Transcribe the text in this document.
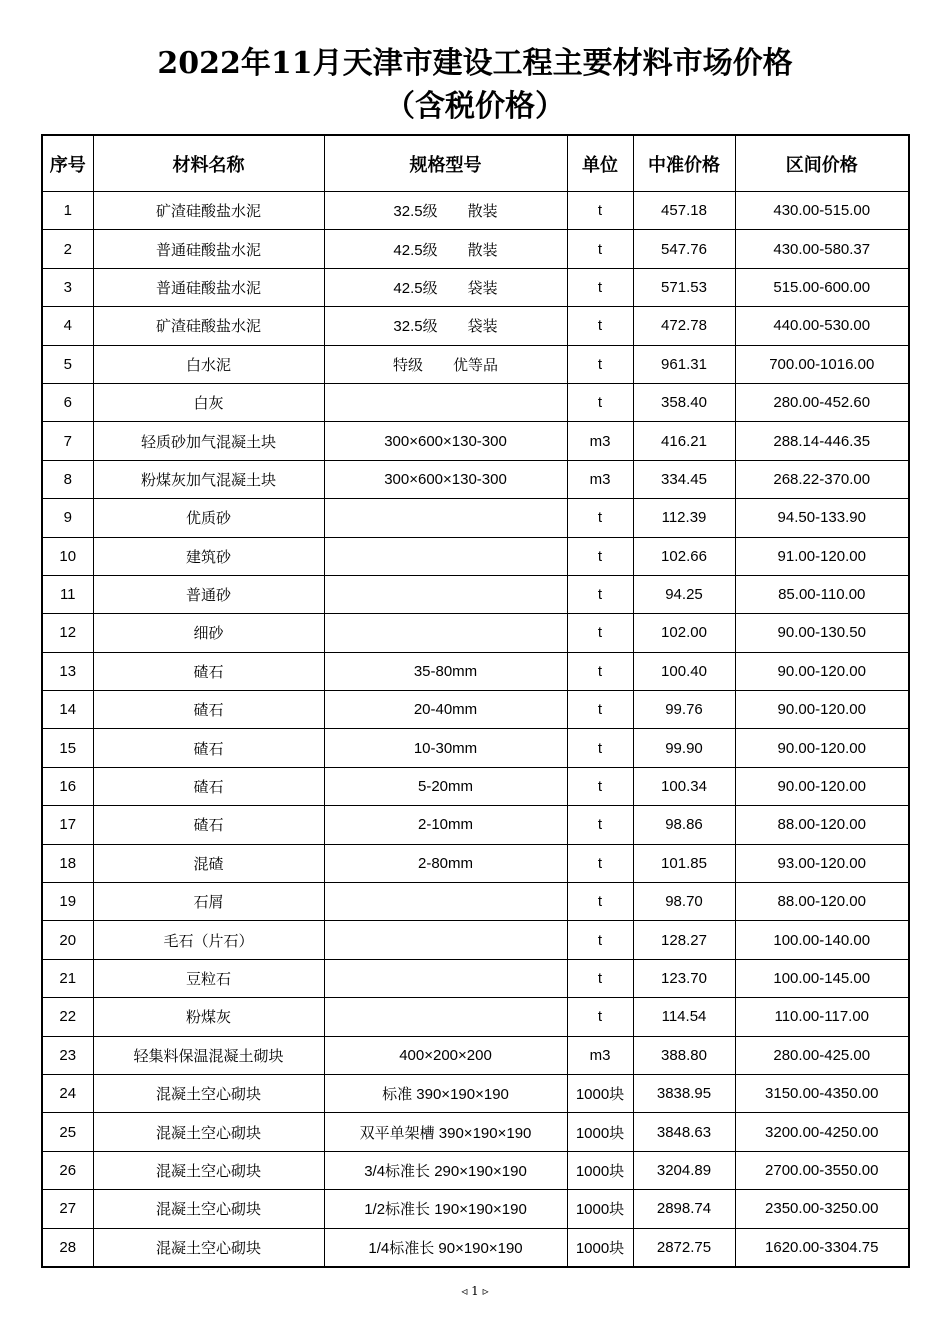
2022年11月天津市建设工程主要材料市场价格
（含税价格）
序号	材料名称	规格型号	单位	中准价格	区间价格
1	矿渣硅酸盐水泥	32.5级　　散装	t	457.18	430.00-515.00
2	普通硅酸盐水泥	42.5级　　散装	t	547.76	430.00-580.37
3	普通硅酸盐水泥	42.5级　　袋装	t	571.53	515.00-600.00
4	矿渣硅酸盐水泥	32.5级　　袋装	t	472.78	440.00-530.00
5	白水泥	特级　　优等品	t	961.31	700.00-1016.00
6	白灰		t	358.40	280.00-452.60
7	轻质砂加气混凝土块	300×600×130-300	m3	416.21	288.14-446.35
8	粉煤灰加气混凝土块	300×600×130-300	m3	334.45	268.22-370.00
9	优质砂		t	112.39	94.50-133.90
10	建筑砂		t	102.66	91.00-120.00
11	普通砂		t	94.25	85.00-110.00
12	细砂		t	102.00	90.00-130.50
13	碴石	35-80mm	t	100.40	90.00-120.00
14	碴石	20-40mm	t	99.76	90.00-120.00
15	碴石	10-30mm	t	99.90	90.00-120.00
16	碴石	5-20mm	t	100.34	90.00-120.00
17	碴石	2-10mm	t	98.86	88.00-120.00
18	混碴	2-80mm	t	101.85	93.00-120.00
19	石屑		t	98.70	88.00-120.00
20	毛石（片石）		t	128.27	100.00-140.00
21	豆粒石		t	123.70	100.00-145.00
22	粉煤灰		t	114.54	110.00-117.00
23	轻集料保温混凝土砌块	400×200×200	m3	388.80	280.00-425.00
24	混凝土空心砌块	标准 390×190×190	1000块	3838.95	3150.00-4350.00
25	混凝土空心砌块	双平单架槽 390×190×190	1000块	3848.63	3200.00-4250.00
26	混凝土空心砌块	3/4标准长 290×190×190	1000块	3204.89	2700.00-3550.00
27	混凝土空心砌块	1/2标准长 190×190×190	1000块	2898.74	2350.00-3250.00
28	混凝土空心砌块	1/4标准长 90×190×190	1000块	2872.75	1620.00-3304.75
◃ 1 ▹
